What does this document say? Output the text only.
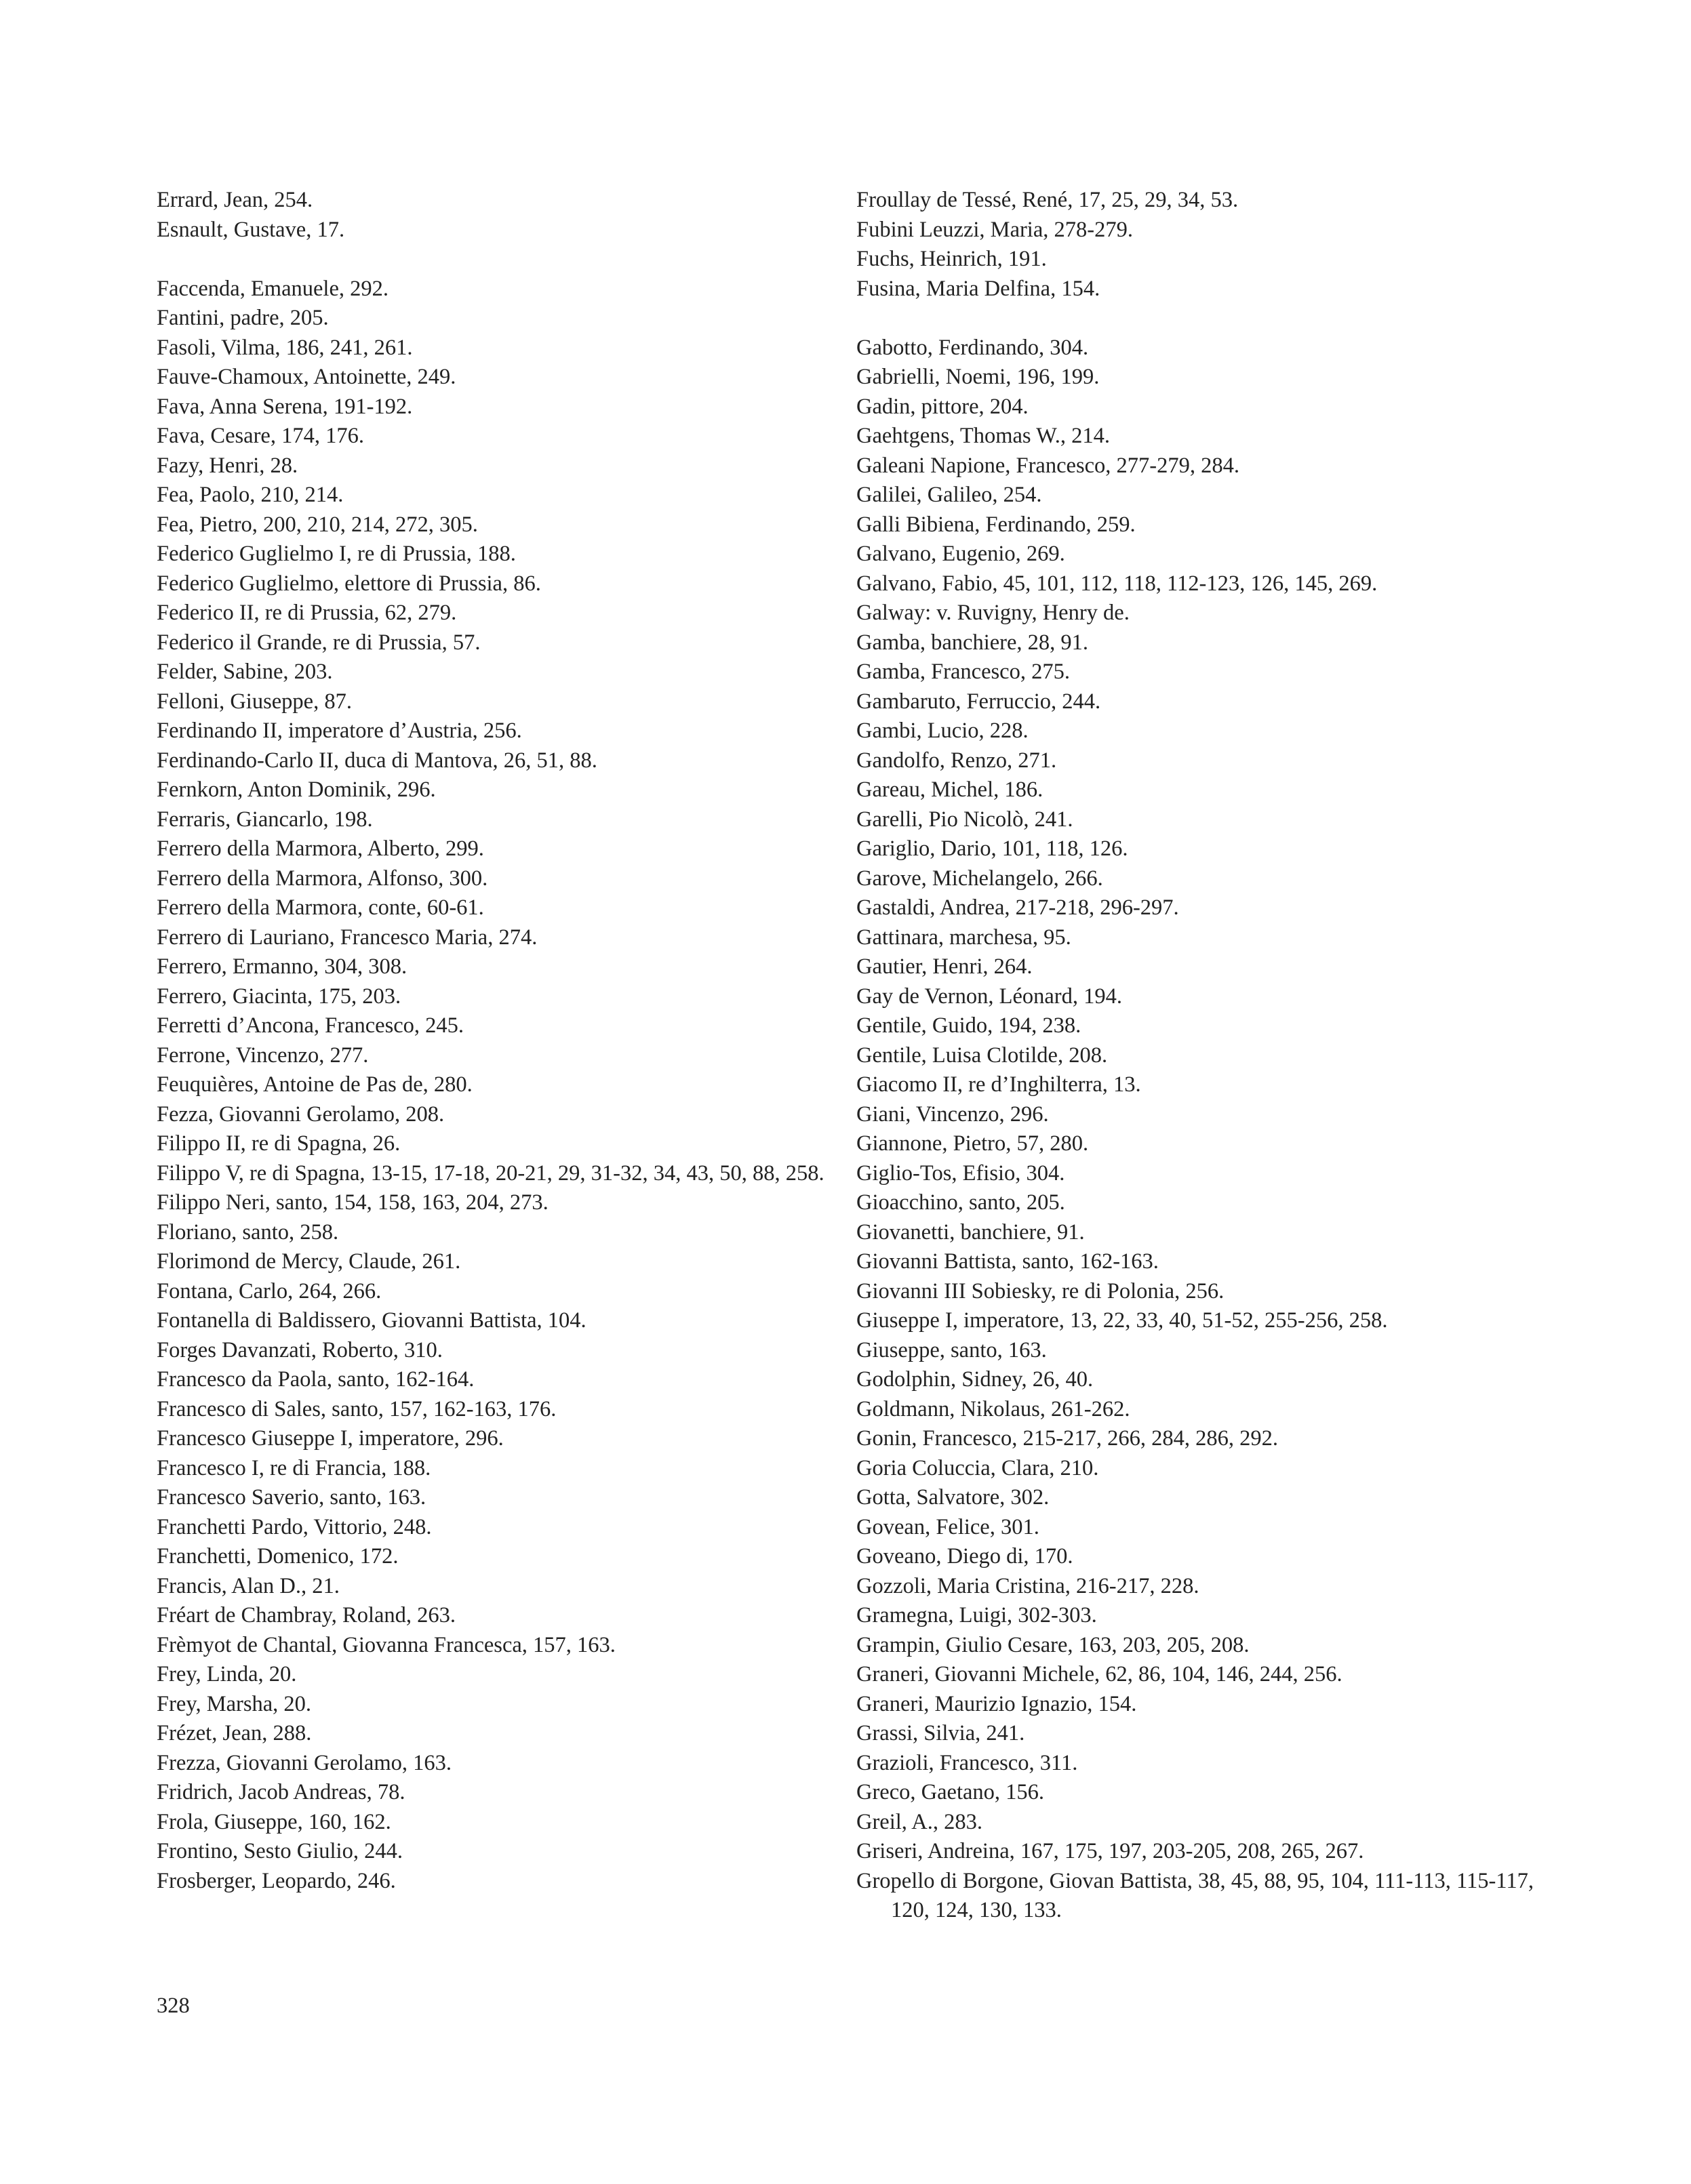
Errard, Jean, 254.
Esnault, Gustave, 17.
Faccenda, Emanuele, 292.
Fantini, padre, 205.
Fasoli, Vilma, 186, 241, 261.
Fauve-Chamoux, Antoinette, 249.
Fava, Anna Serena, 191-192.
Fava, Cesare, 174, 176.
Fazy, Henri, 28.
Fea, Paolo, 210, 214.
Fea, Pietro, 200, 210, 214, 272, 305.
Federico Guglielmo I, re di Prussia, 188.
Federico Guglielmo, elettore di Prussia, 86.
Federico II, re di Prussia, 62, 279.
Federico il Grande, re di Prussia, 57.
Felder, Sabine, 203.
Felloni, Giuseppe, 87.
Ferdinando II, imperatore d’Austria, 256.
Ferdinando-Carlo II, duca di Mantova, 26, 51, 88.
Fernkorn, Anton Dominik, 296.
Ferraris, Giancarlo, 198.
Ferrero della Marmora, Alberto, 299.
Ferrero della Marmora, Alfonso, 300.
Ferrero della Marmora, conte, 60-61.
Ferrero di Lauriano, Francesco Maria, 274.
Ferrero, Ermanno, 304, 308.
Ferrero, Giacinta, 175, 203.
Ferretti d’Ancona, Francesco, 245.
Ferrone, Vincenzo, 277.
Feuquières, Antoine de Pas de, 280.
Fezza, Giovanni Gerolamo, 208.
Filippo II, re di Spagna, 26.
Filippo V, re di Spagna, 13-15, 17-18, 20-21, 29, 31-32, 34, 43, 50, 88, 258.
Filippo Neri, santo, 154, 158, 163, 204, 273.
Floriano, santo, 258.
Florimond de Mercy, Claude, 261.
Fontana, Carlo, 264, 266.
Fontanella di Baldissero, Giovanni Battista, 104.
Forges Davanzati, Roberto, 310.
Francesco da Paola, santo, 162-164.
Francesco di Sales, santo, 157, 162-163, 176.
Francesco Giuseppe I, imperatore, 296.
Francesco I, re di Francia, 188.
Francesco Saverio, santo, 163.
Franchetti Pardo, Vittorio, 248.
Franchetti, Domenico, 172.
Francis, Alan D., 21.
Fréart de Chambray, Roland, 263.
Frèmyot de Chantal, Giovanna Francesca, 157, 163.
Frey, Linda, 20.
Frey, Marsha, 20.
Frézet, Jean, 288.
Frezza, Giovanni Gerolamo, 163.
Fridrich, Jacob Andreas, 78.
Frola, Giuseppe, 160, 162.
Frontino, Sesto Giulio, 244.
Frosberger, Leopardo, 246.
Froullay de Tessé, René, 17, 25, 29, 34, 53.
Fubini Leuzzi, Maria, 278-279.
Fuchs, Heinrich, 191.
Fusina, Maria Delfina, 154.
Gabotto, Ferdinando, 304.
Gabrielli, Noemi, 196, 199.
Gadin, pittore, 204.
Gaehtgens, Thomas W., 214.
Galeani Napione, Francesco, 277-279, 284.
Galilei, Galileo, 254.
Galli Bibiena, Ferdinando, 259.
Galvano, Eugenio, 269.
Galvano, Fabio, 45, 101, 112, 118, 112-123, 126, 145, 269.
Galway: v. Ruvigny, Henry de.
Gamba, banchiere, 28, 91.
Gamba, Francesco, 275.
Gambaruto, Ferruccio, 244.
Gambi, Lucio, 228.
Gandolfo, Renzo, 271.
Gareau, Michel, 186.
Garelli, Pio Nicolò, 241.
Gariglio, Dario, 101, 118, 126.
Garove, Michelangelo, 266.
Gastaldi, Andrea, 217-218, 296-297.
Gattinara, marchesa, 95.
Gautier, Henri, 264.
Gay de Vernon, Léonard, 194.
Gentile, Guido, 194, 238.
Gentile, Luisa Clotilde, 208.
Giacomo II, re d’Inghilterra, 13.
Giani, Vincenzo, 296.
Giannone, Pietro, 57, 280.
Giglio-Tos, Efisio, 304.
Gioacchino, santo, 205.
Giovanetti, banchiere, 91.
Giovanni Battista, santo, 162-163.
Giovanni III Sobiesky, re di Polonia, 256.
Giuseppe I, imperatore, 13, 22, 33, 40, 51-52, 255-256, 258.
Giuseppe, santo, 163.
Godolphin, Sidney, 26, 40.
Goldmann, Nikolaus, 261-262.
Gonin, Francesco, 215-217, 266, 284, 286, 292.
Goria Coluccia, Clara, 210.
Gotta, Salvatore, 302.
Govean, Felice, 301.
Goveano, Diego di, 170.
Gozzoli, Maria Cristina, 216-217, 228.
Gramegna, Luigi, 302-303.
Grampin, Giulio Cesare, 163, 203, 205, 208.
Graneri, Giovanni Michele, 62, 86, 104, 146, 244, 256.
Graneri, Maurizio Ignazio, 154.
Grassi, Silvia, 241.
Grazioli, Francesco, 311.
Greco, Gaetano, 156.
Greil, A., 283.
Griseri, Andreina, 167, 175, 197, 203-205, 208, 265, 267.
Gropello di Borgone, Giovan Battista, 38, 45, 88, 95, 104, 111-113, 115-117, 120, 124, 130, 133.
328
